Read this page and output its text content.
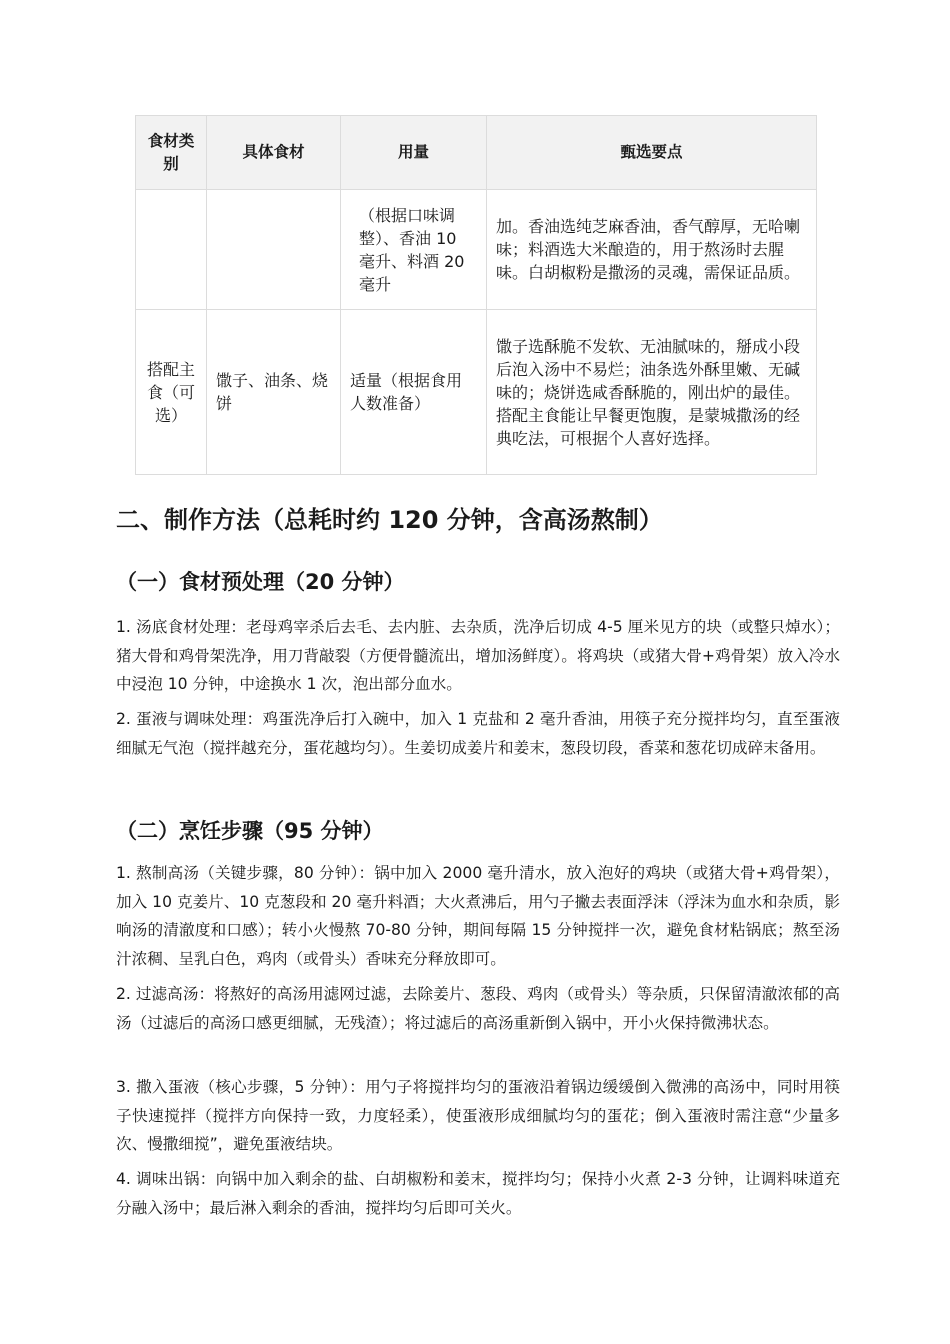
食材类别	具体食材	用量	甄选要点
		（根据口味调整）、香油 10 毫升、料酒 20 毫升	加。香油选纯芝麻香油，香气醇厚，无哈喇味；料酒选大米酿造的，用于熬汤时去腥味。白胡椒粉是撒汤的灵魂，需保证品质。
搭配主食（可选）	馓子、油条、烧饼	适量（根据食用人数准备）	馓子选酥脆不发软、无油腻味的，掰成小段后泡入汤中不易烂；油条选外酥里嫩、无碱味的；烧饼选咸香酥脆的，刚出炉的最佳。搭配主食能让早餐更饱腹，是蒙城撒汤的经典吃法，可根据个人喜好选择。
二、制作方法（总耗时约 120 分钟，含高汤熬制）
（一）食材预处理（20 分钟）

1. 汤底食材处理：老母鸡宰杀后去毛、去内脏、去杂质，洗净后切成 4-5 厘米见方的块（或整只焯水）；猪大骨和鸡骨架洗净，用刀背敲裂（方便骨髓流出，增加汤鲜度）。将鸡块（或猪大骨+鸡骨架）放入冷水中浸泡 10 分钟，中途换水 1 次，泡出部分血水。

2. 蛋液与调味处理：鸡蛋洗净后打入碗中，加入 1 克盐和 2 毫升香油，用筷子充分搅拌均匀，直至蛋液细腻无气泡（搅拌越充分，蛋花越均匀）。生姜切成姜片和姜末，葱段切段，香菜和葱花切成碎末备用。

（二）烹饪步骤（95 分钟）

1. 熬制高汤（关键步骤，80 分钟）：锅中加入 2000 毫升清水，放入泡好的鸡块（或猪大骨+鸡骨架），加入 10 克姜片、10 克葱段和 20 毫升料酒；大火煮沸后，用勺子撇去表面浮沫（浮沫为血水和杂质，影响汤的清澈度和口感）；转小火慢熬 70-80 分钟，期间每隔 15 分钟搅拌一次，避免食材粘锅底；熬至汤汁浓稠、呈乳白色，鸡肉（或骨头）香味充分释放即可。

2. 过滤高汤：将熬好的高汤用滤网过滤，去除姜片、葱段、鸡肉（或骨头）等杂质，只保留清澈浓郁的高汤（过滤后的高汤口感更细腻，无残渣）；将过滤后的高汤重新倒入锅中，开小火保持微沸状态。

3. 撒入蛋液（核心步骤，5 分钟）：用勺子将搅拌均匀的蛋液沿着锅边缓缓倒入微沸的高汤中，同时用筷子快速搅拌（搅拌方向保持一致，力度轻柔），使蛋液形成细腻均匀的蛋花；倒入蛋液时需注意“少量多次、慢撒细搅”，避免蛋液结块。

4. 调味出锅：向锅中加入剩余的盐、白胡椒粉和姜末，搅拌均匀；保持小火煮 2-3 分钟，让调料味道充分融入汤中；最后淋入剩余的香油，搅拌均匀后即可关火。
